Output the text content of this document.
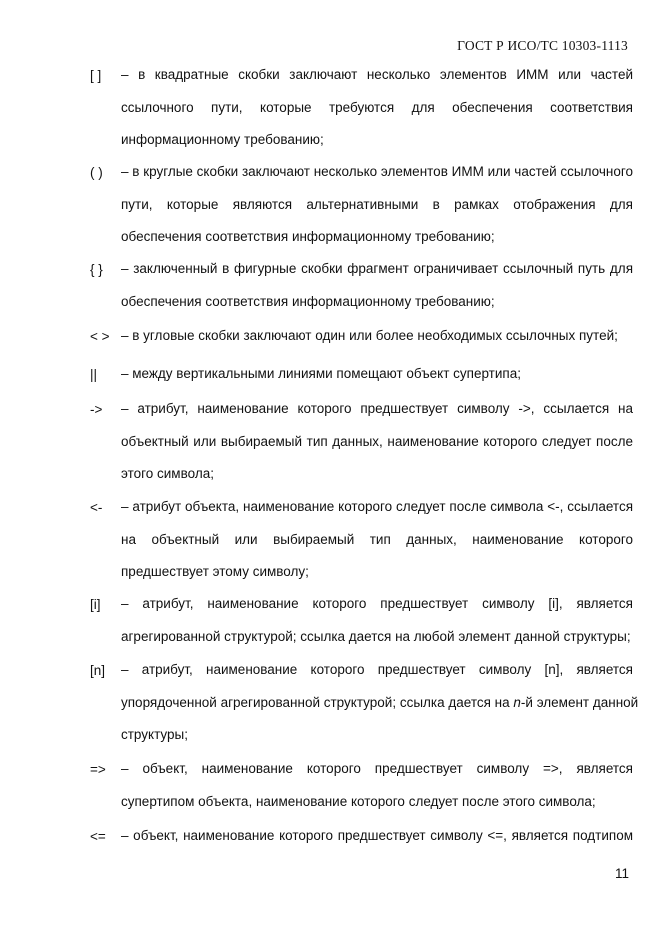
ГОСТ Р ИСО/ТС 10303-1113
[ ]	– в квадратные скобки заключают несколько элементов ИММ или частей
ссылочного пути, которые требуются для обеспечения соответствия
информационному требованию;
( )	– в круглые скобки заключают несколько элементов ИММ или частей ссылочного
пути, которые являются альтернативными в рамках отображения для
обеспечения соответствия информационному требованию;
{ }	– заключенный в фигурные скобки фрагмент ограничивает ссылочный путь для
обеспечения соответствия информационному требованию;
< > – в угловые скобки заключают один или более необходимых ссылочных путей;
||	– между вертикальными линиями помещают объект супертипа;
->	– атрибут, наименование которого предшествует символу ->, ссылается на
объектный или выбираемый тип данных, наименование которого следует после
этого символа;
<-	– атрибут объекта, наименование которого следует после символа <-, ссылается
на объектный или выбираемый тип данных, наименование которого
предшествует этому символу;
[i]	– атрибут, наименование которого предшествует символу [i], является
агрегированной структурой; ссылка дается на любой элемент данной структуры;
[n]	– атрибут, наименование которого предшествует символу [n], является
упорядоченной агрегированной структурой; ссылка дается на n-й элемент данной
структуры;
=>	– объект, наименование которого предшествует символу =>, является
супертипом объекта, наименование которого следует после этого символа;
<=	– объект, наименование которого предшествует символу <=, является подтипом
11
